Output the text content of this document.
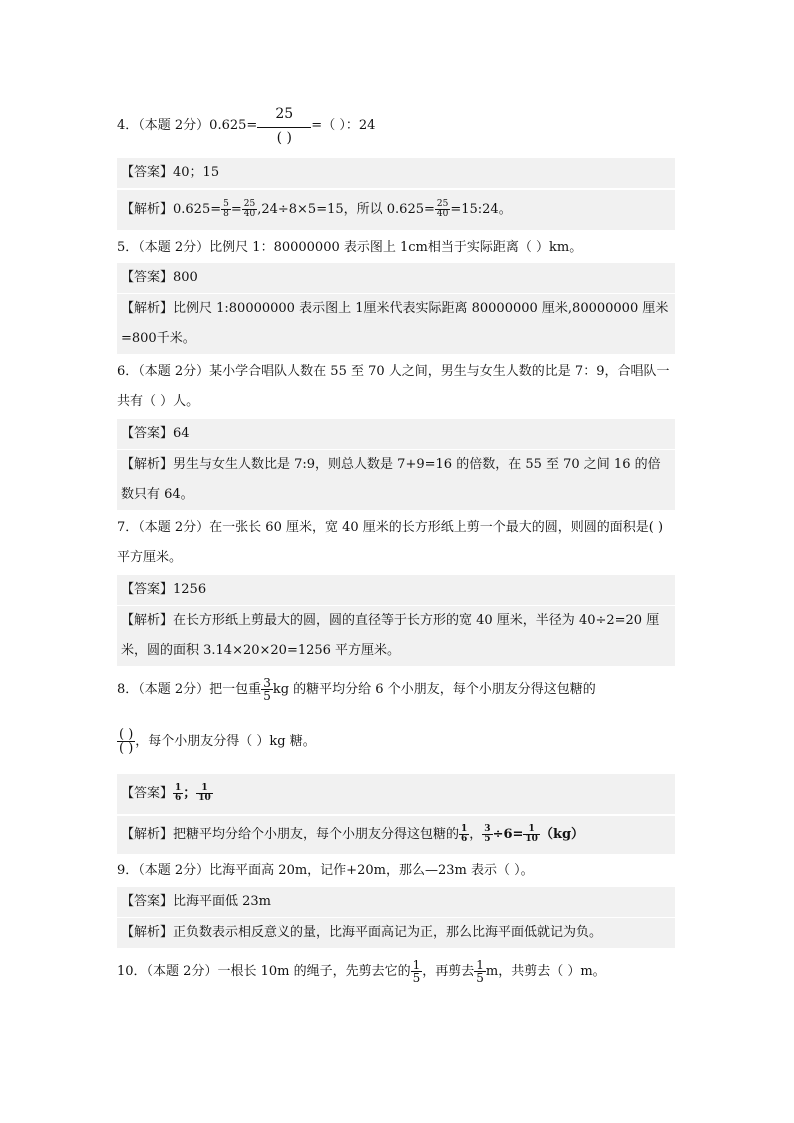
4．（本题 2分）$0.625= \frac{25}{( )}$ =（ ）：24
【答案】40；15
【解析】$0.625= \frac{5}{8} = \frac{25}{40} ,24\div 8\times 5=15$，所以 $0.625= \frac{25}{40}$ =15:24。
5．（本题 2分）比例尺 1：80000000 表示图上 1cm相当于实际距离（ ）km。
【答案】800
【解析】比例尺 1:80000000 表示图上 1厘米代表实际距离 80000000 厘米,80000000 厘米=800千米。
6．（本题 2分）某小学合唱队人数在 55 至 70 人之间，男生与女生人数的比是 7：9，合唱队一共有（ ）人。
【答案】64
【解析】男生与女生人数比是 7:9，则总人数是 7+9=16 的倍数，在 55 至 70 之间 16 的倍数只有 64。
7．（本题 2分）在一张长 60 厘米，宽 40 厘米的长方形纸上剪一个最大的圆，则圆的面积是( )平方厘米。
【答案】1256
【解析】在长方形纸上剪最大的圆，圆的直径等于长方形的宽 40 厘米，半径为 40÷2=20 厘米，圆的面积 3.14×20×20=1256 平方厘米。
8．（本题 2分）把一包重 $\frac{3}{5}$ kg 的糖平均分给 6 个小朋友，每个小朋友分得这包糖的
$\frac{( )}{( )}$ ，每个小朋友分得（ ）kg 糖。
【答案】 $\frac{1}{6}$ ； $\frac{1}{10}$
【解析】把糖平均分给个小朋友，每个小朋友分得这包糖的 $\frac{1}{6}$ ， $\frac{3}{5} \div 6= \frac{1}{10} (kg)$
9．（本题 2分）比海平面高 20m，记作+20m，那么—23m 表示（ ）。
【答案】比海平面低 23m
【解析】正负数表示相反意义的量，比海平面高记为正，那么比海平面低就记为负。
10．（本题 2分）一根长 10m 的绳子，先剪去它的 $\frac{1}{5}$ ，再剪去 $\frac{1}{5}$ m，共剪去（ ）m。
